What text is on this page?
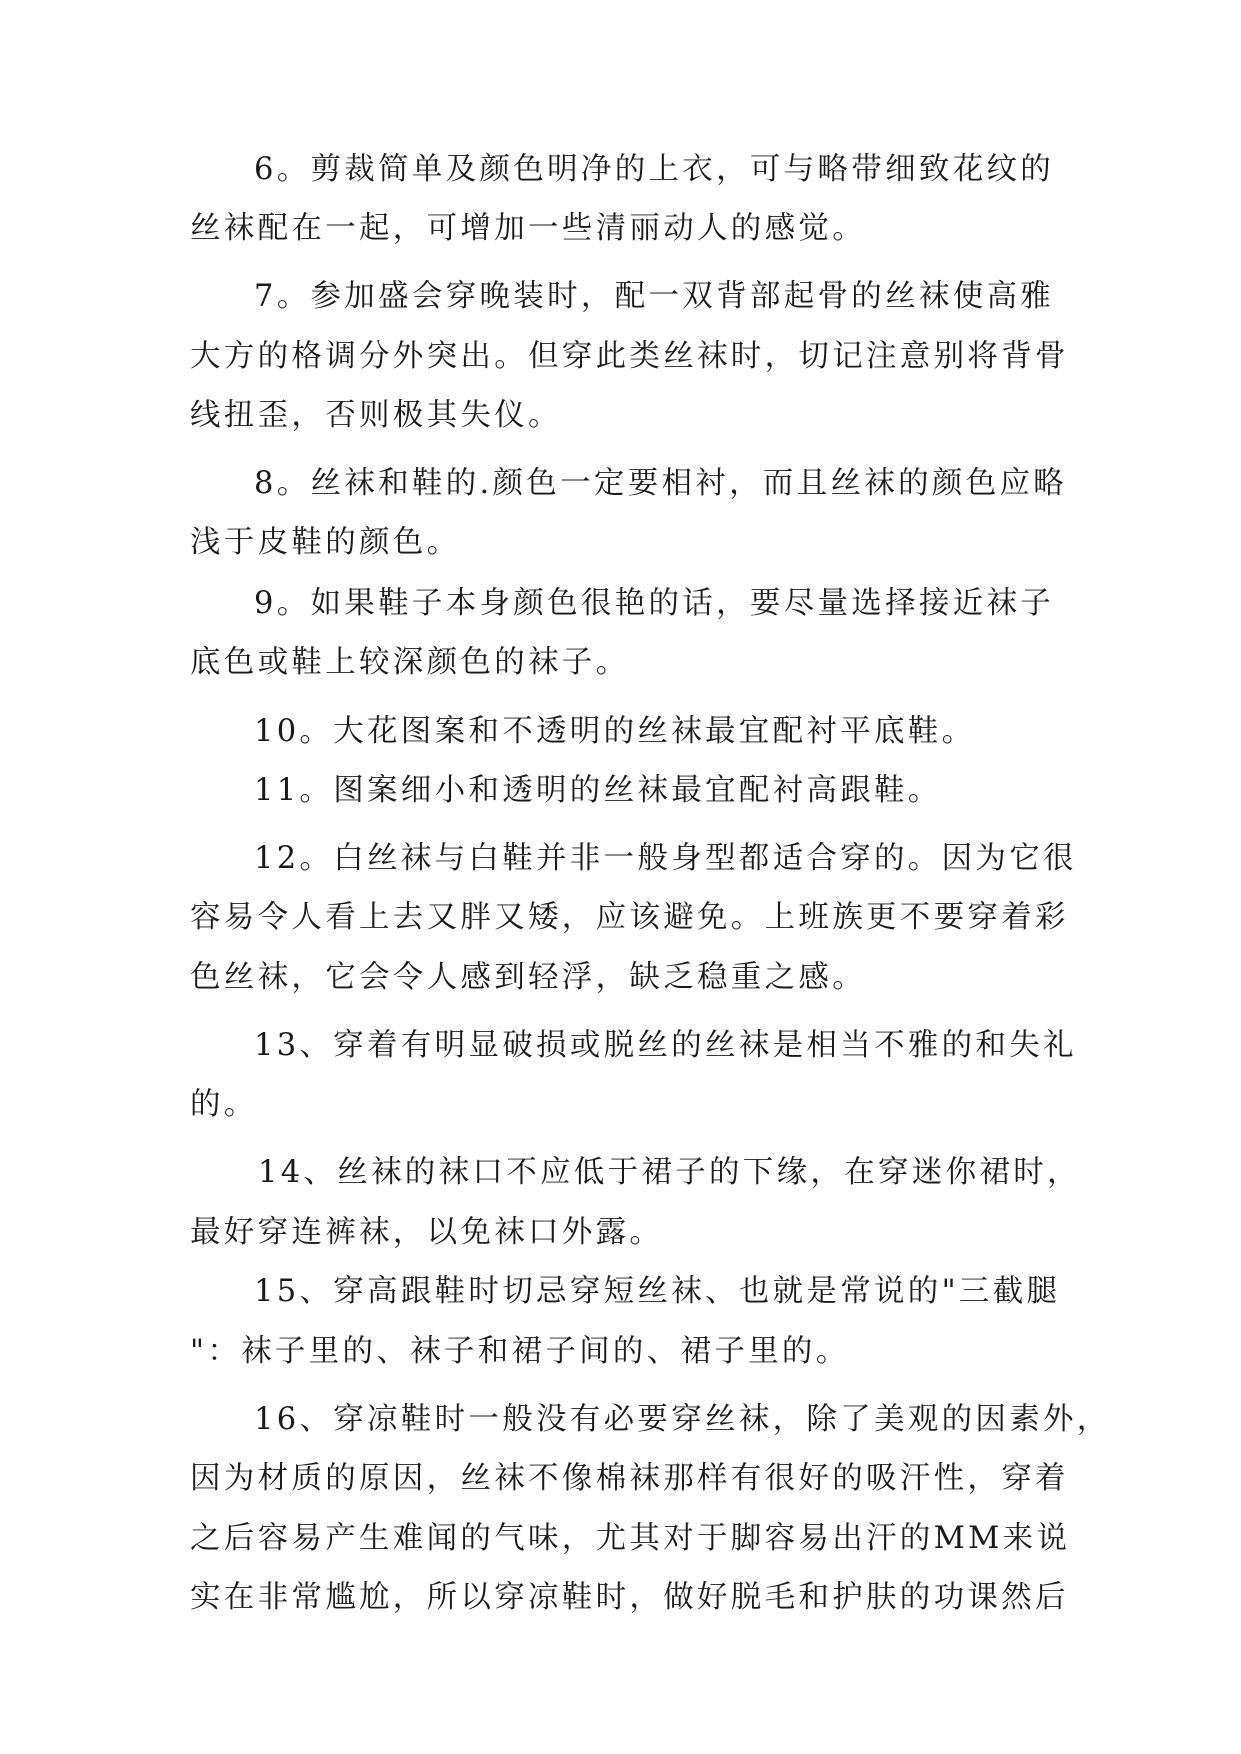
6。剪裁简单及颜色明净的上衣，可与略带细致花纹的
丝袜配在一起，可增加一些清丽动人的感觉。
7。参加盛会穿晚装时，配一双背部起骨的丝袜使高雅
大方的格调分外突出。但穿此类丝袜时，切记注意别将背骨
线扭歪，否则极其失仪。
8。丝袜和鞋的.颜色一定要相衬，而且丝袜的颜色应略
浅于皮鞋的颜色。
9。如果鞋子本身颜色很艳的话，要尽量选择接近袜子
底色或鞋上较深颜色的袜子。
10。大花图案和不透明的丝袜最宜配衬平底鞋。
11。图案细小和透明的丝袜最宜配衬高跟鞋。
12。白丝袜与白鞋并非一般身型都适合穿的。因为它很
容易令人看上去又胖又矮，应该避免。上班族更不要穿着彩
色丝袜，它会令人感到轻浮，缺乏稳重之感。
13、穿着有明显破损或脱丝的丝袜是相当不雅的和失礼
的。
14、丝袜的袜口不应低于裙子的下缘，在穿迷你裙时，
最好穿连裤袜，以免袜口外露。
15、穿高跟鞋时切忌穿短丝袜、也就是常说的"三截腿
"：袜子里的、袜子和裙子间的、裙子里的。
16、穿凉鞋时一般没有必要穿丝袜，除了美观的因素外，
因为材质的原因，丝袜不像棉袜那样有很好的吸汗性，穿着
之后容易产生难闻的气味，尤其对于脚容易出汗的MM来说
实在非常尴尬，所以穿凉鞋时，做好脱毛和护肤的功课然后
